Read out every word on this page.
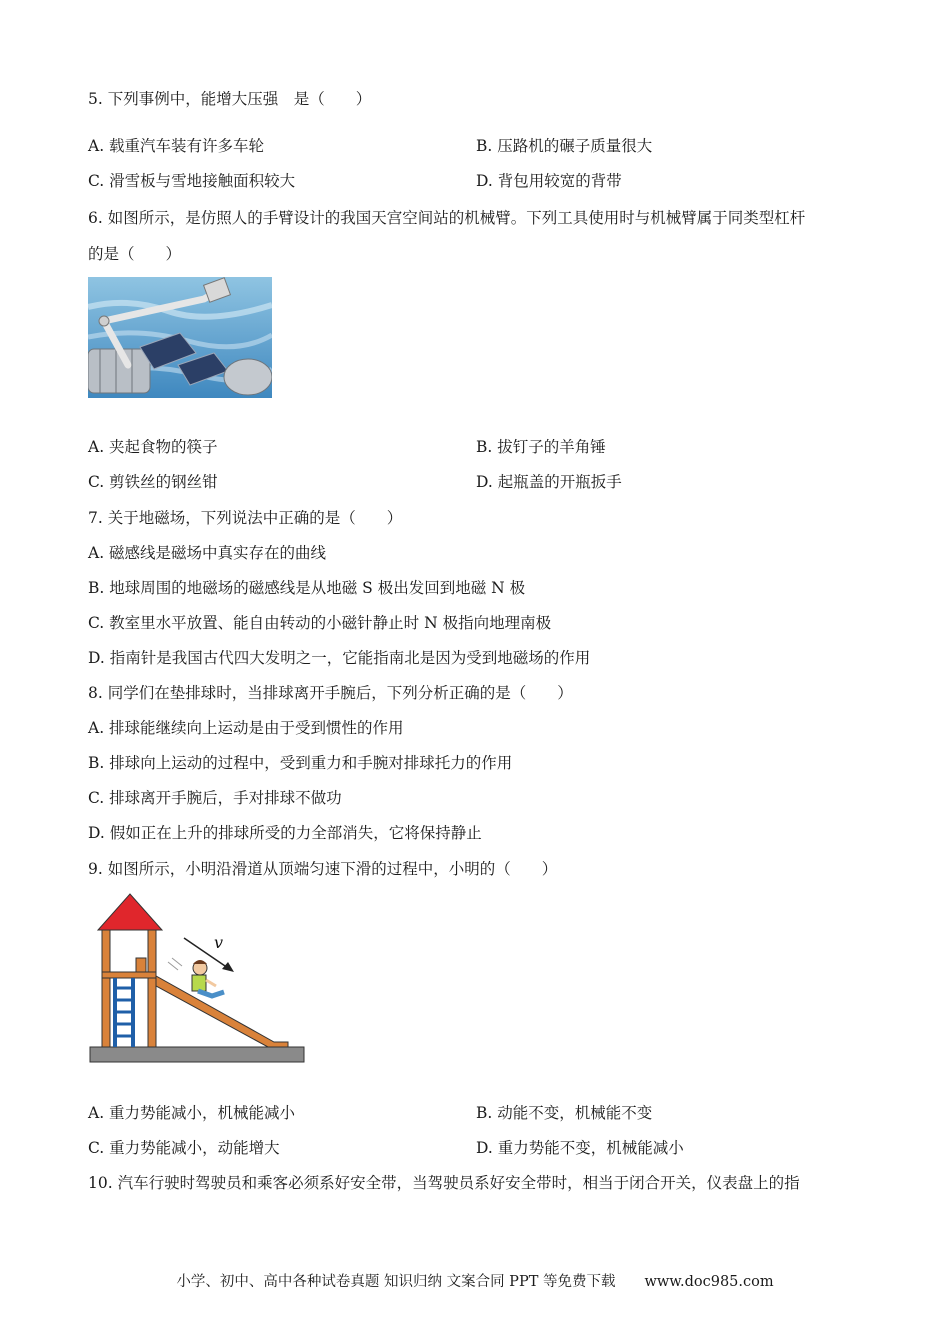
5. 下列事例中，能增大压强　是（　　）
A. 载重汽车装有许多车轮	B. 压路机的碾子质量很大
C. 滑雪板与雪地接触面积较大	D. 背包用较宽的背带
6. 如图所示，是仿照人的手臂设计的我国天宫空间站的机械臂。下列工具使用时与机械臂属于同类型杠杆
的是（　　）
A. 夹起食物的筷子	B. 拔钉子的羊角锤
C. 剪铁丝的钢丝钳	D. 起瓶盖的开瓶扳手
7. 关于地磁场，下列说法中正确的是（　　）
A. 磁感线是磁场中真实存在的曲线
B. 地球周围的地磁场的磁感线是从地磁 S 极出发回到地磁 N 极
C. 教室里水平放置、能自由转动的小磁针静止时 N 极指向地理南极
D. 指南针是我国古代四大发明之一，它能指南北是因为受到地磁场的作用
8. 同学们在垫排球时，当排球离开手腕后，下列分析正确的是（　　）
A. 排球能继续向上运动是由于受到惯性的作用
B. 排球向上运动的过程中，受到重力和手腕对排球托力的作用
C. 排球离开手腕后，手对排球不做功
D. 假如正在上升的排球所受的力全部消失，它将保持静止
9. 如图所示，小明沿滑道从顶端匀速下滑的过程中，小明的（　　）
v
A. 重力势能减小，机械能减小	B. 动能不变，机械能不变
C. 重力势能减小，动能增大	D. 重力势能不变，机械能减小
10. 汽车行驶时驾驶员和乘客必须系好安全带，当驾驶员系好安全带时，相当于闭合开关，仪表盘上的指
小学、初中、高中各种试卷真题 知识归纳 文案合同 PPT 等免费下载　　www.doc985.com
